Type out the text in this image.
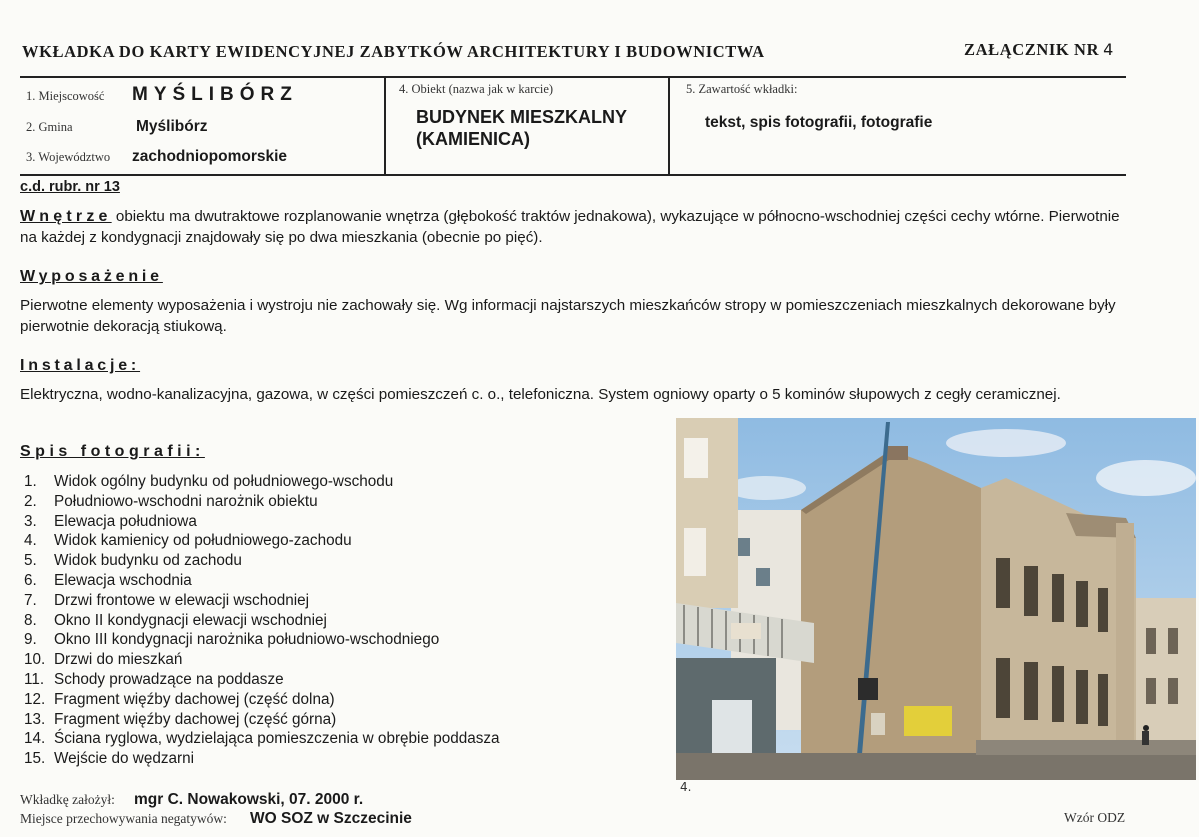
WKŁADKA DO KARTY EWIDENCYJNEJ ZABYTKÓW ARCHITEKTURY I BUDOWNICTWA	ZAŁĄCZNIK NR 4
1. Miejscowość	MYŚLIBÓRZ
2. Gmina	Myślibórz
3. Województwo	zachodniopomorskie
4. Obiekt (nazwa jak w karcie)
BUDYNEK MIESZKALNY
(KAMIENICA)
5. Zawartość wkładki:
tekst, spis fotografii, fotografie
c.d. rubr. nr 13
Wnętrze obiektu ma dwutraktowe rozplanowanie wnętrza (głębokość traktów jednakowa), wykazujące w północno-wschodniej części cechy wtórne. Pierwotnie na każdej z kondygnacji znajdowały się po dwa mieszkania (obecnie po pięć).
Wyposażenie
Pierwotne elementy wyposażenia i wystroju nie zachowały się. Wg informacji najstarszych mieszkańców stropy w pomieszczeniach mieszkalnych dekorowane były pierwotnie dekoracją stiukową.
Instalacje:
Elektryczna, wodno-kanalizacyjna, gazowa, w części pomieszczeń c. o., telefoniczna. System ogniowy oparty o 5 kominów słupowych z cegły ceramicznej.
Spis fotografii:
1.	Widok ogólny budynku od południowego-wschodu
2.	Południowo-wschodni narożnik obiektu
3.	Elewacja południowa
4.	Widok kamienicy od południowego-zachodu
5.	Widok budynku od zachodu
6.	Elewacja wschodnia
7.	Drzwi frontowe w elewacji wschodniej
8.	Okno II kondygnacji elewacji wschodniej
9.	Okno III kondygnacji narożnika południowo-wschodniego
10. Drzwi do mieszkań
11. Schody prowadzące na poddasze
12. Fragment więźby dachowej (część dolna)
13. Fragment więźby dachowej (część górna)
14. Ściana ryglowa, wydzielająca pomieszczenia w obrębie poddasza
15. Wejście do wędzarni
4.
Wkładkę założył:	mgr C. Nowakowski, 07. 2000 r.
Miejsce przechowywania negatywów:	WO SOZ w Szczecinie	Wzór ODZ
